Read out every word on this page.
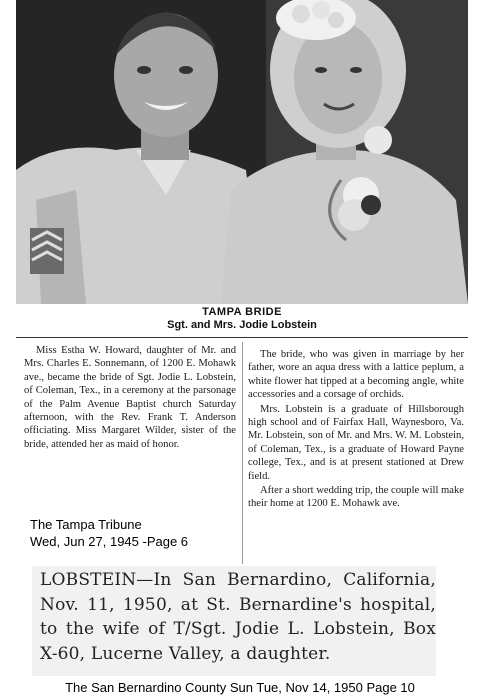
TAMPA BRIDE
Sgt. and Mrs. Jodie Lobstein

Miss Estha W. Howard, daughter of Mr. and Mrs. Charles E. Sonnemann, of 1200 E. Mohawk ave., became the bride of Sgt. Jodie L. Lobstein, of Coleman, Tex., in a ceremony at the parsonage of the Palm Avenue Baptist church Saturday afternoon, with the Rev. Frank T. Anderson officiating. Miss Margaret Wilder, sister of the bride, attended her as maid of honor.

The bride, who was given in marriage by her father, wore an aqua dress with a lattice peplum, a white flower hat tipped at a becoming angle, white accessories and a corsage of orchids.

Mrs. Lobstein is a graduate of Hillsborough high school and of Fairfax Hall, Waynesboro, Va. Mr. Lobstein, son of Mr. and Mrs. W. M. Lobstein, of Coleman, Tex., is a graduate of Howard Payne college, Tex., and is at present stationed at Drew field.

After a short wedding trip, the couple will make their home at 1200 E. Mohawk ave.

The Tampa Tribune
Wed, Jun 27, 1945 -Page 6
LOBSTEIN—In San Bernardino, California, Nov. 11, 1950, at St. Bernardine's hospital, to the wife of T/Sgt. Jodie L. Lobstein, Box X-60, Lucerne Valley, a daughter.
The San Bernardino County Sun Tue, Nov 14, 1950 Page 10
